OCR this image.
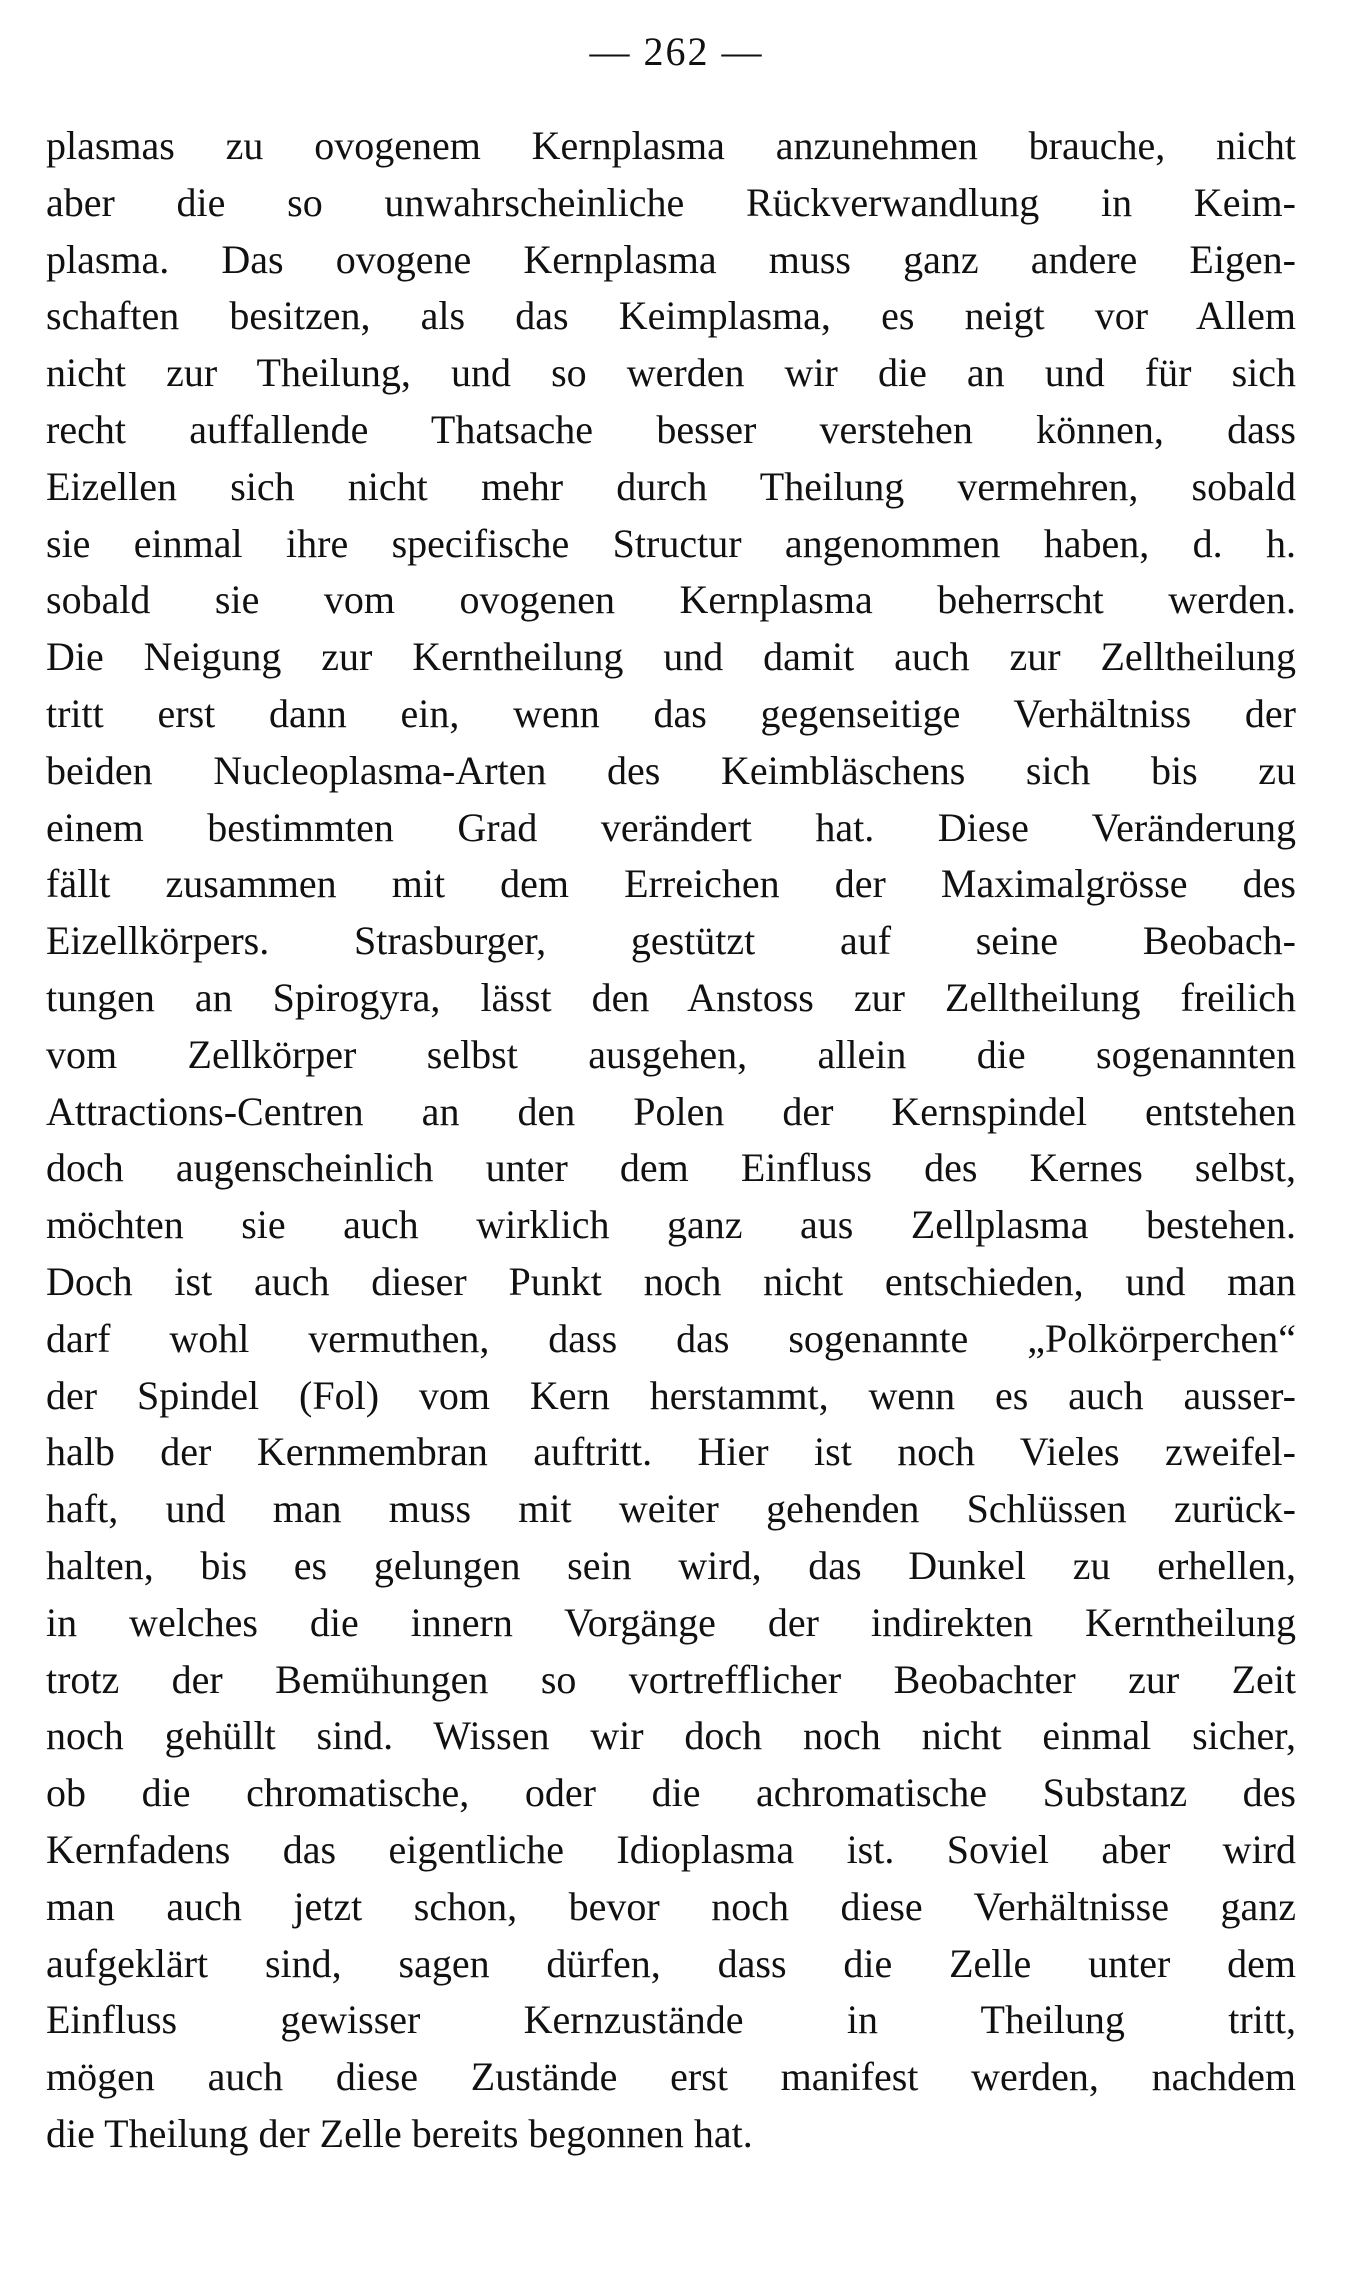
— 262 —
plasmas zu ovogenem Kernplasma anzunehmen brauche, nicht
aber die so unwahrscheinliche Rückverwandlung in Keim-
plasma. Das ovogene Kernplasma muss ganz andere Eigen-
schaften besitzen, als das Keimplasma, es neigt vor Allem
nicht zur Theilung, und so werden wir die an und für sich
recht auffallende Thatsache besser verstehen können, dass
Eizellen sich nicht mehr durch Theilung vermehren, sobald
sie einmal ihre specifische Structur angenommen haben, d. h.
sobald sie vom ovogenen Kernplasma beherrscht werden.
Die Neigung zur Kerntheilung und damit auch zur Zelltheilung
tritt erst dann ein, wenn das gegenseitige Verhältniss der
beiden Nucleoplasma-Arten des Keimbläschens sich bis zu
einem bestimmten Grad verändert hat. Diese Veränderung
fällt zusammen mit dem Erreichen der Maximalgrösse des
Eizellkörpers. Strasburger, gestützt auf seine Beobach-
tungen an Spirogyra, lässt den Anstoss zur Zelltheilung freilich
vom Zellkörper selbst ausgehen, allein die sogenannten
Attractions-Centren an den Polen der Kernspindel entstehen
doch augenscheinlich unter dem Einfluss des Kernes selbst,
möchten sie auch wirklich ganz aus Zellplasma bestehen.
Doch ist auch dieser Punkt noch nicht entschieden, und man
darf wohl vermuthen, dass das sogenannte „Polkörperchen“
der Spindel (Fol) vom Kern herstammt, wenn es auch ausser-
halb der Kernmembran auftritt. Hier ist noch Vieles zweifel-
haft, und man muss mit weiter gehenden Schlüssen zurück-
halten, bis es gelungen sein wird, das Dunkel zu erhellen,
in welches die innern Vorgänge der indirekten Kerntheilung
trotz der Bemühungen so vortrefflicher Beobachter zur Zeit
noch gehüllt sind. Wissen wir doch noch nicht einmal sicher,
ob die chromatische, oder die achromatische Substanz des
Kernfadens das eigentliche Idioplasma ist. Soviel aber wird
man auch jetzt schon, bevor noch diese Verhältnisse ganz
aufgeklärt sind, sagen dürfen, dass die Zelle unter dem
Einfluss gewisser Kernzustände in Theilung tritt,
mögen auch diese Zustände erst manifest werden, nachdem
die Theilung der Zelle bereits begonnen hat.
